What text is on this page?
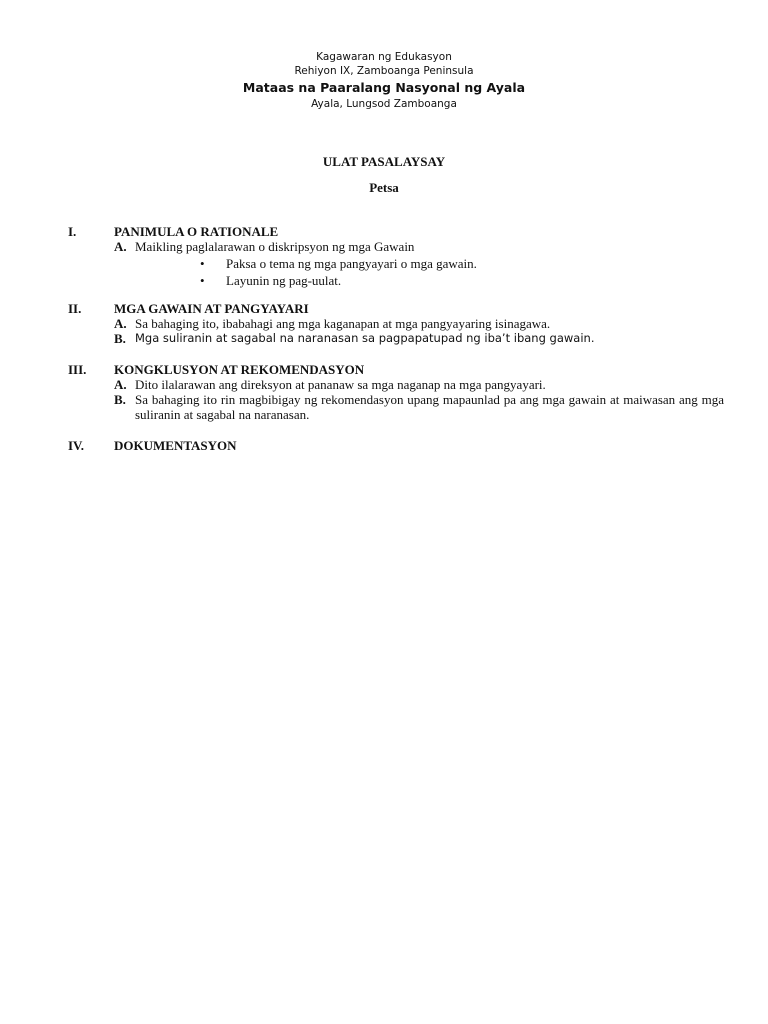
Kagawaran ng Edukasyon
Rehiyon IX, Zamboanga Peninsula
Mataas na Paaralang Nasyonal ng Ayala
Ayala, Lungsod Zamboanga
ULAT PASALAYSAY
Petsa
I.	PANIMULA O RATIONALE
A. Maikling paglalarawan o diskripsyon ng mga Gawain
•	Paksa o tema ng mga pangyayari o mga gawain.
•	Layunin ng pag-uulat.
II.	MGA GAWAIN AT PANGYAYARI
A. Sa bahaging ito, ibabahagi ang mga kaganapan at mga pangyayaring isinagawa.
B. Mga suliranin at sagabal na naranasan sa pagpapatupad ng iba’t ibang gawain.
III.	KONGKLUSYON AT REKOMENDASYON
A. Dito ilalarawan ang direksyon at pananaw sa mga naganap na mga pangyayari.
B. Sa bahaging ito rin magbibigay ng rekomendasyon upang mapaunlad pa ang mga gawain at maiwasan ang mga suliranin at sagabal na naranasan.
IV.	DOKUMENTASYON
